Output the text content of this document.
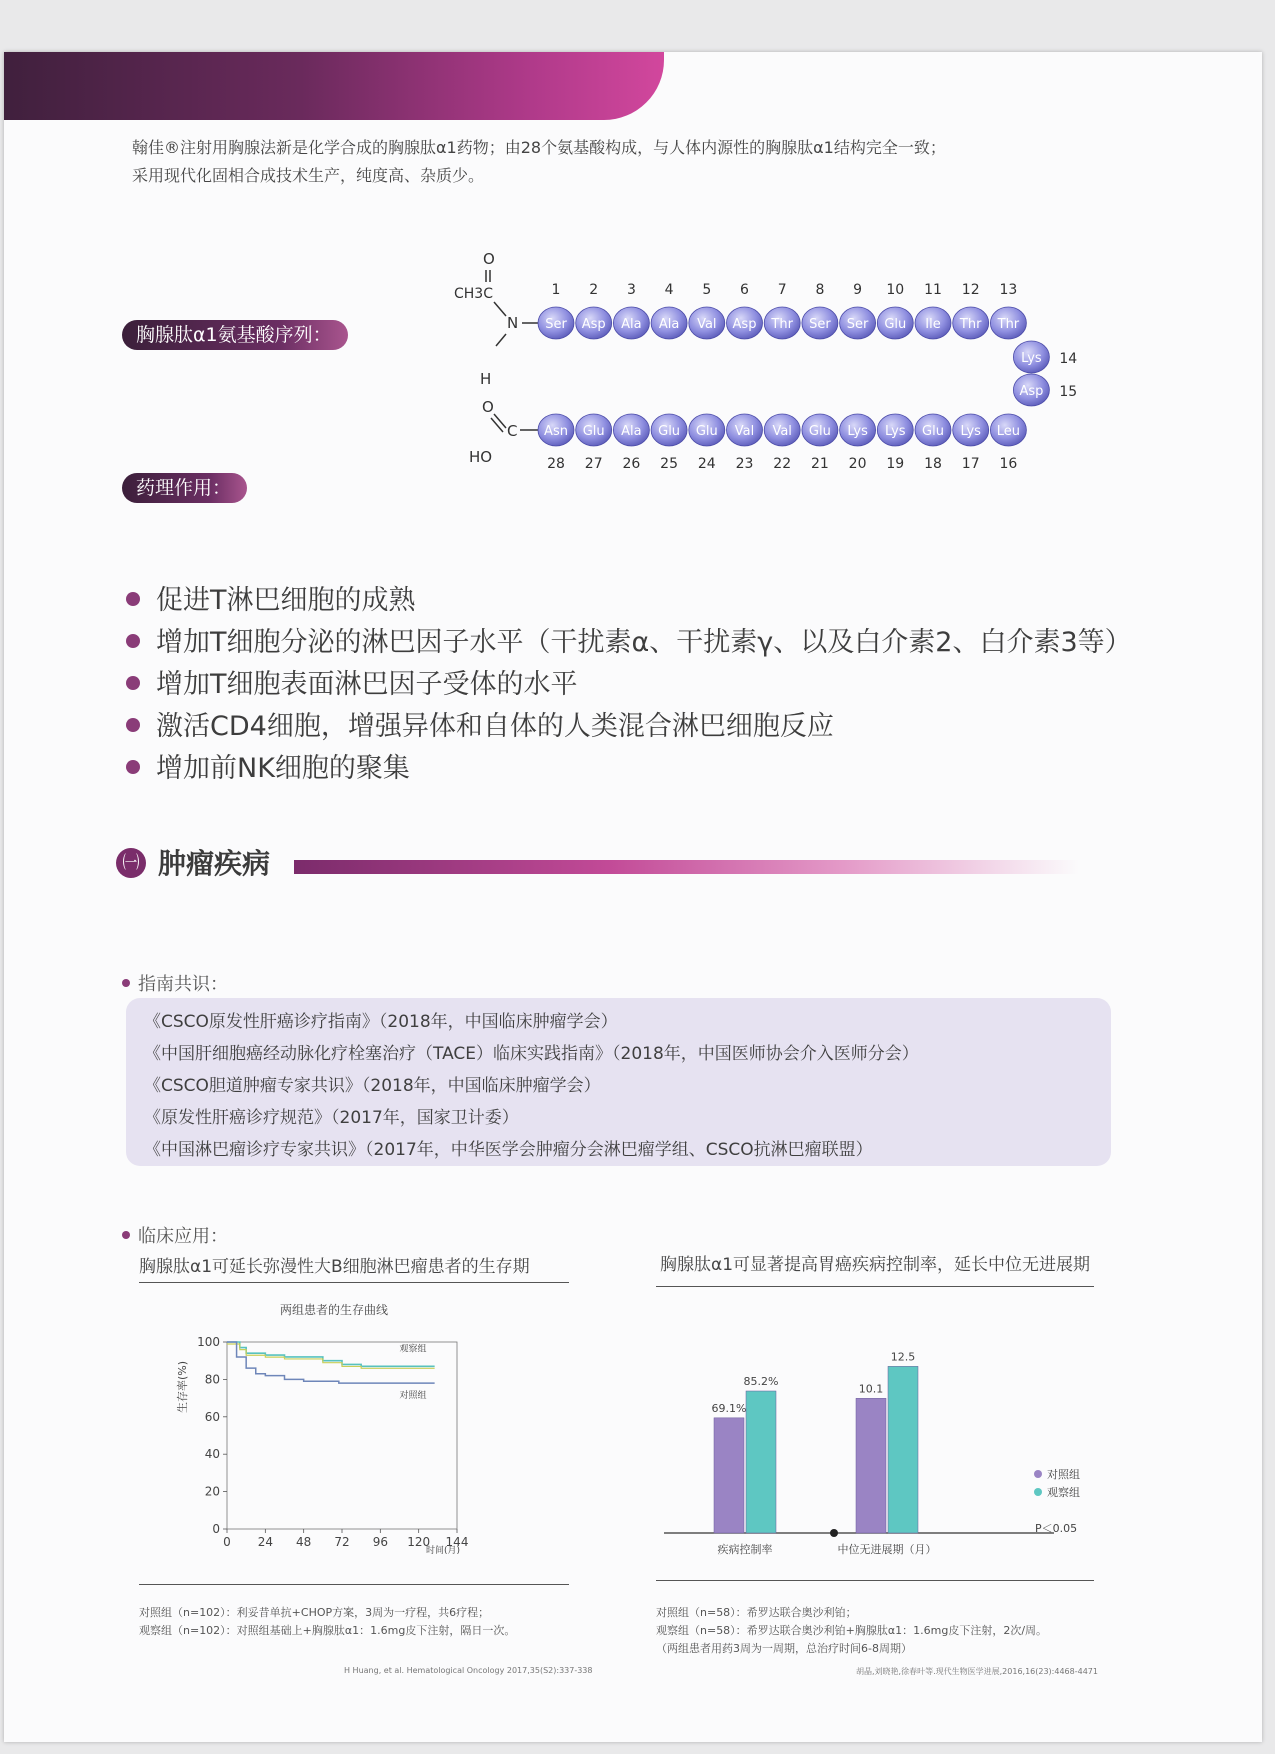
翰佳®注射用胸腺法新是化学合成的胸腺肽α1药物；由28个氨基酸构成，与人体内源性的胸腺肽α1结构完全一致；

采用现代化固相合成技术生产，纯度高、杂质少。

胸腺肽α1氨基酸序列：
O
CH3C
N
H
O
C
HO
Ser
1
Asp
2
Ala
3
Ala
4
Val
5
Asp
6
Thr
7
Ser
8
Ser
9
Glu
10
Ile
11
Thr
12
Thr
13
Lys 14
Asp 15
Asn
28
Glu
27
Ala
26
Glu
25
Glu
24
Val
23
Val
22
Glu
21
Lys
20
Lys
19
Glu
18
Lys
17
Leu
16
药理作用：
促进T淋巴细胞的成熟
增加T细胞分泌的淋巴因子水平（干扰素α、干扰素γ、以及白介素2、白介素3等）
增加T细胞表面淋巴因子受体的水平
激活CD4细胞，增强异体和自体的人类混合淋巴细胞反应
增加前NK细胞的聚集
㈠ 肿瘤疾病
指南共识：
《CSCO原发性肝癌诊疗指南》（2018年，中国临床肿瘤学会）
《中国肝细胞癌经动脉化疗栓塞治疗（TACE）临床实践指南》（2018年，中国医师协会介入医师分会）
《CSCO胆道肿瘤专家共识》（2018年，中国临床肿瘤学会）
《原发性肝癌诊疗规范》（2017年，国家卫计委）
《中国淋巴瘤诊疗专家共识》（2017年，中华医学会肿瘤分会淋巴瘤学组、CSCO抗淋巴瘤联盟）
临床应用：
胸腺肽α1可延长弥漫性大B细胞淋巴瘤患者的生存期
两组患者的生存曲线
生存率(%)
0
20
40
60
80
100
0 24 48 72 96 120 144
观察组
对照组
时间(月)

对照组（n=102）：利妥昔单抗+CHOP方案，3周为一疗程，共6疗程；

观察组（n=102）：对照组基础上+胸腺肽α1：1.6mg皮下注射，隔日一次。

H Huang, et al. Hematological Oncology 2017,35(S2):337-338
胸腺肽α1可显著提高胃癌疾病控制率，延长中位无进展期
69.1%
85.2%
10.1
12.5
疾病控制率	中位无进展期（月）
对照组
观察组
P＜0.05

对照组（n=58）：希罗达联合奥沙利铂；

观察组（n=58）：希罗达联合奥沙利铂+胸腺肽α1：1.6mg皮下注射，2次/周。

（两组患者用药3周为一周期，总治疗时间6-8周期）

胡晶,刘晓艳,徐春叶等.现代生物医学进展,2016,16(23):4468-4471
